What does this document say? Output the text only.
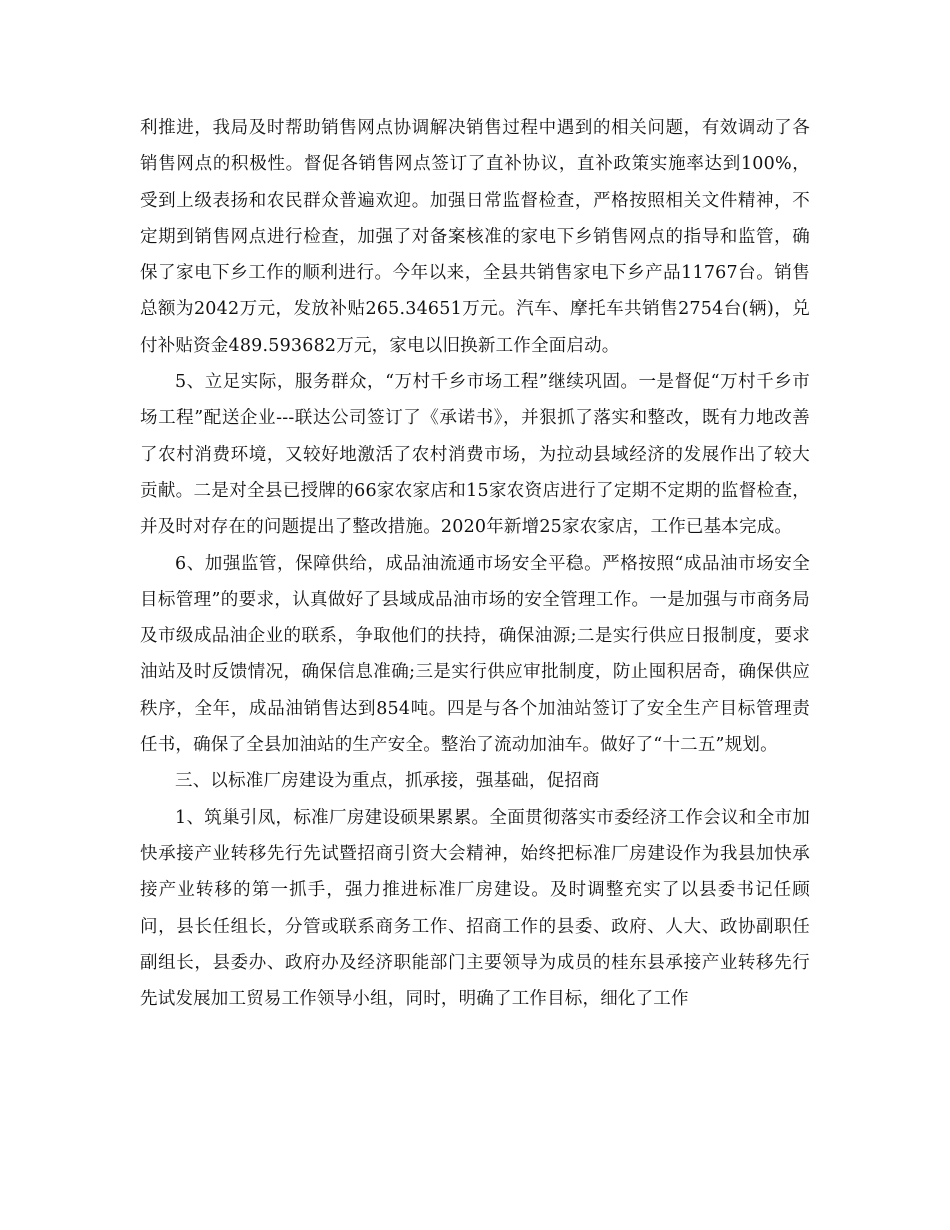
利推进，我局及时帮助销售网点协调解决销售过程中遇到的相关问题，有效调动了各销售网点的积极性。督促各销售网点签订了直补协议，直补政策实施率达到100%，受到上级表扬和农民群众普遍欢迎。加强日常监督检查，严格按照相关文件精神，不定期到销售网点进行检查，加强了对备案核准的家电下乡销售网点的指导和监管，确保了家电下乡工作的顺利进行。今年以来，全县共销售家电下乡产品11767台。销售总额为2042万元，发放补贴265.34651万元。汽车、摩托车共销售2754台(辆)，兑付补贴资金489.593682万元，家电以旧换新工作全面启动。

5、立足实际，服务群众，“万村千乡市场工程”继续巩固。一是督促“万村千乡市场工程”配送企业---联达公司签订了《承诺书》，并狠抓了落实和整改，既有力地改善了农村消费环境，又较好地激活了农村消费市场，为拉动县域经济的发展作出了较大贡献。二是对全县已授牌的66家农家店和15家农资店进行了定期不定期的监督检查，并及时对存在的问题提出了整改措施。2020年新增25家农家店，工作已基本完成。

6、加强监管，保障供给，成品油流通市场安全平稳。严格按照“成品油市场安全目标管理”的要求，认真做好了县域成品油市场的安全管理工作。一是加强与市商务局及市级成品油企业的联系，争取他们的扶持，确保油源;二是实行供应日报制度，要求油站及时反馈情况，确保信息准确;三是实行供应审批制度，防止囤积居奇，确保供应秩序，全年，成品油销售达到854吨。四是与各个加油站签订了安全生产目标管理责任书，确保了全县加油站的生产安全。整治了流动加油车。做好了“十二五”规划。

三、以标准厂房建设为重点，抓承接，强基础，促招商

1、筑巢引凤，标准厂房建设硕果累累。全面贯彻落实市委经济工作会议和全市加快承接产业转移先行先试暨招商引资大会精神，始终把标准厂房建设作为我县加快承接产业转移的第一抓手，强力推进标准厂房建设。及时调整充实了以县委书记任顾问，县长任组长，分管或联系商务工作、招商工作的县委、政府、人大、政协副职任副组长，县委办、政府办及经济职能部门主要领导为成员的桂东县承接产业转移先行先试发展加工贸易工作领导小组，同时，明确了工作目标，细化了工作
